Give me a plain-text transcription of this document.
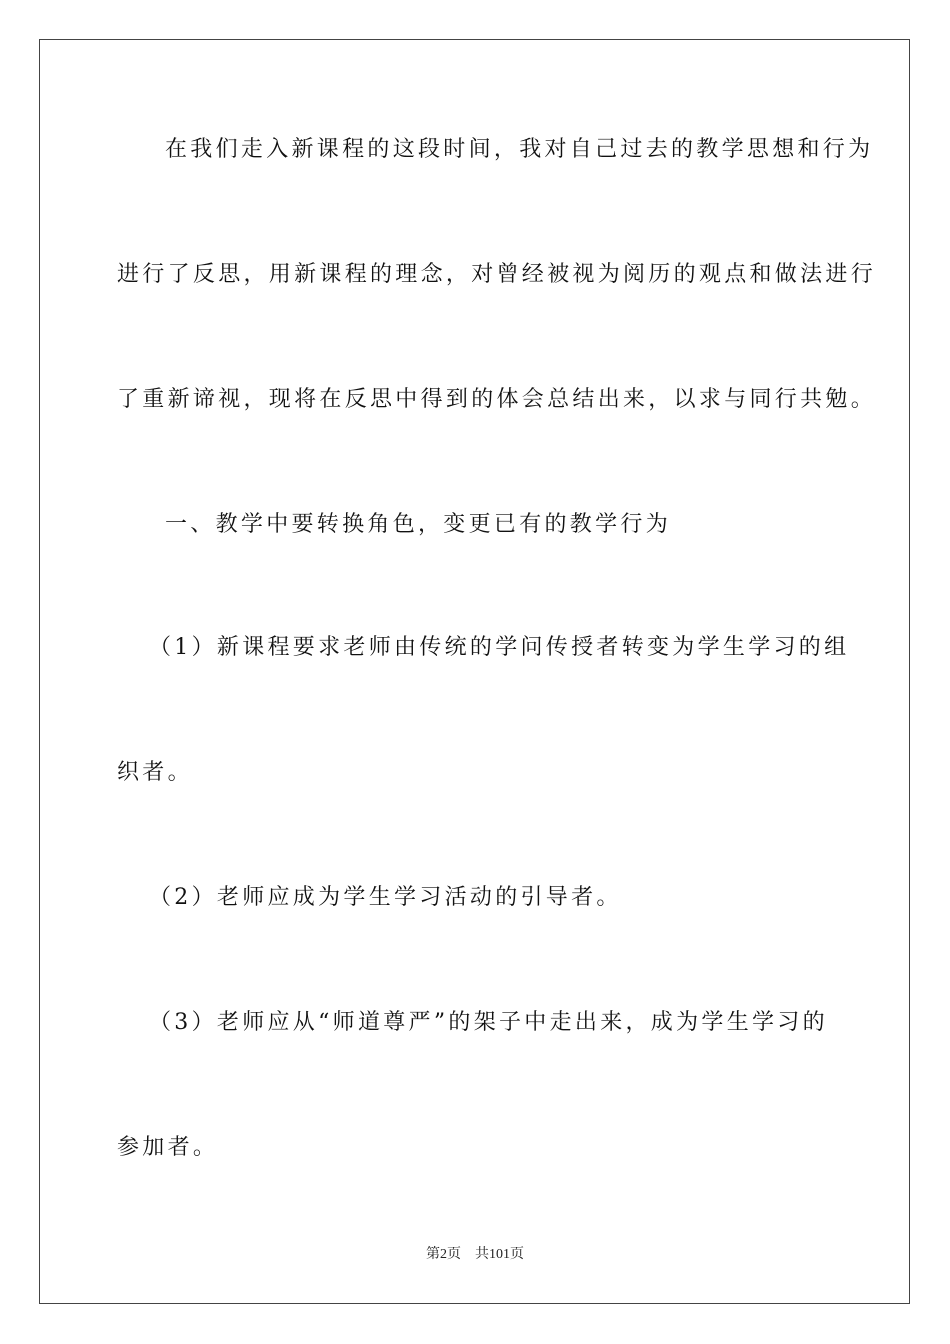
在我们走入新课程的这段时间，我对自己过去的教学思想和行为
进行了反思，用新课程的理念，对曾经被视为阅历的观点和做法进行
了重新谛视，现将在反思中得到的体会总结出来，以求与同行共勉。
一、教学中要转换角色，变更已有的教学行为
（1）新课程要求老师由传统的学问传授者转变为学生学习的组
织者。
（2）老师应成为学生学习活动的引导者。
（3）老师应从“师道尊严”的架子中走出来，成为学生学习的
参加者。
第2页 共101页
